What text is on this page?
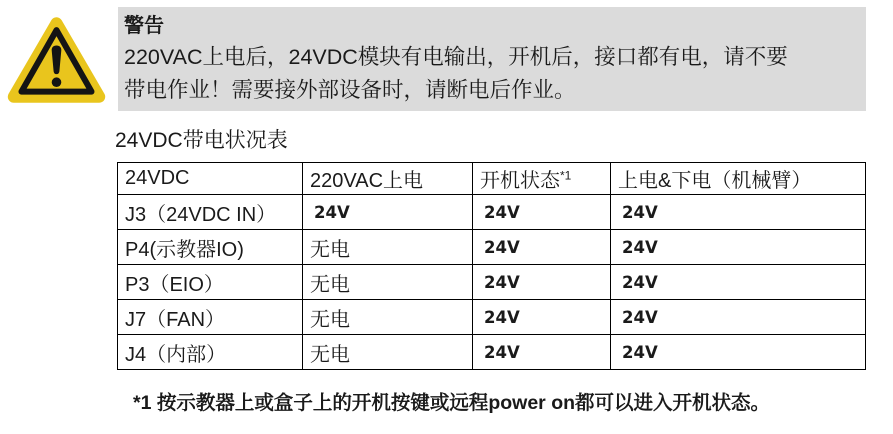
警告
220VAC上电后，24VDC模块有电输出，开机后，接口都有电，请不要
带电作业！需要接外部设备时，请断电后作业。
24VDC带电状况表
24VDC	220VAC上电	开机状态$^{*1}$	上电&下电（机械臂）
J3（24VDC IN）	24V	24V	24V
P4(示教器IO)	无电	24V	24V
P3（EIO）	无电	24V	24V
J7（FAN）	无电	24V	24V
J4（内部）	无电	24V	24V
*1 按示教器上或盒子上的开机按键或远程power on都可以进入开机状态。
